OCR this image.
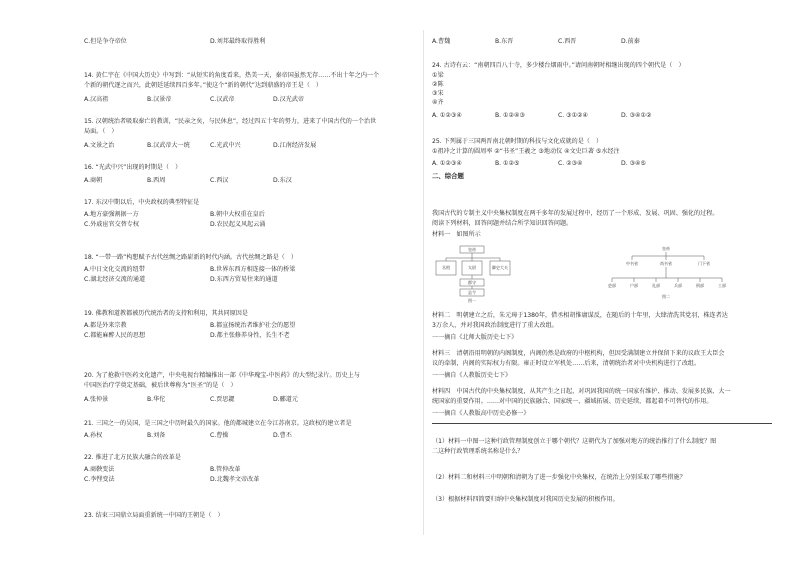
C.但是争夺帝位	D.刘邦最终取得胜利
14. 黄仁宇在《中国大历史》中写到：“从短实的角度看来，热美一天，秦帝国虽然无存……不出十年之内一个
个新的朝代逐之而兴，此朝廷延续四百多年。”使这个“新的朝代”达到鼎盛的帝王是（　）
A.汉高祖	B.汉景帝	C.汉武帝	D.汉光武帝
15. 汉朝统治者吸取秦亡的教训，“民亲之矣，与民休息”，经过四五十年的努力，进来了中国古代的一个治世
局面。（　）
A.文景之治	B.汉武帝大一统	C.光武中兴	D.江南经济发展
16. “光武中兴”出现的时期是（　）
A.商朝	B.西周	C.西汉	D.东汉
17. 东汉中期以后，中央政权的典型特征是
A.地方豪强割据一方	B.朝中大权重在皇后
C.外戚宦官交替专权	D.农民起义风起云涌
18. “一带一路”构想赋予古代丝绸之路崭新的时代内涵。古代丝绸之路是（　）
A.中日文化交流的纽带	B.世界东西方相连接一体的桥梁
C.湖北经济交流的通道	D.东西方贸易往来的通道
19. 佛教和道教都被历代统治者的支持和利用，其共同原因是
A.都是外来宗教	B.都宣扬统治者维护社会的愿望
C.都能麻醉人民的思想	D.都主张修养身性，长生不老
20. 为了抢救中医药文化遗产，中央电视台精编推出一部《中华瑰宝-中医药》的大型纪录片。历史上与
中国医治疗学奠定基础，被后世尊称为“医圣”的是（　）
A.张仲景	B.华佗	C.贾思勰	D.郦道元
21. 三国之一的吴国，是三国之中历时最久的国家。他的都城建立在今江苏南京。这政权的建立者是
A.孙权	B.刘备	C.曹操	D.曹丕
22. 推进了北方民族大融合的改革是
A.商鞅变法	B.管仲改革
C.李悝变法	D.北魏孝文帝改革
23. 结束三国鼎立局面重新统一中国的王朝是（　）
A.曹魏	B.东晋	C.西晋	D.前秦
24. 古诗有云：“南朝四百八十寺，多少楼台烟雨中。”请问南朝时相继出现的四个朝代是（　）
①梁
②陈
③宋
④齐
A. ①②③④	B. ①②④③	C. ③①②④	D. ③④①②
25. 下列属于三国两晋南北朝时期的科技与文化成就的是（　）
①祖冲之计算的圆周率 ②“书圣”王羲之 ③地动仪 ④文史巨著 ⑤水经注
A. ①②③④	B. ①②⑤	C. ②③④	D. ③④⑤
二、综合题
我国古代的专制主义中央集权制度在两千多年的发展过程中，经历了一个形成、发展、巩固、强化的过程。
阅读下列材料，回答问题并结合所学知识回答问题。
材料一　如图所示
皇帝
丞相	太尉	御史大夫
郡守
县令
图一
皇帝
中书省	尚书省	门下省
吏部	户部	礼部	兵部	刑部	工部
图二
材料二　明朝建立之后，朱元璋于1380年，借丞相胡惟庸谋反，在随后的十年里，大肆清洗其党羽，株连者达
3万余人，并对我国政治制度进行了重大改组。
一一摘自《北师大版历史七下》
材料三　清朝沿用明朝的内阁制度，内阁仍然是政府的中枢机构，但因受满制建立并保留下来的议政王大臣会
议的牵制，内阁的实际权力有限。雍正时设立军机处……后来，清朝统治者对中央机构进行了改组。
一一摘自《人教版历史七下》
材料四　中国古代的中央集权制度，从其产生之日起，对巩固我国的统一国家有维护、推动、发展多民族、大一
统国家的重要作用。……对中国的民族融合、国家统一、疆域拓展、历史延续，都起着不可替代的作用。
一一摘自《人教版高中历史必修一》
（1）材料一中图一这种行政管理制度创立于哪个朝代？这朝代为了加强对地方的统治推行了什么制度？图
二这种行政管理系统名称是什么？
（2）材料二和材料三中明朝和清朝为了进一步强化中央集权，在统治上分别采取了哪些措施？
（3）根据材料四简要归纳中央集权制度对我国历史发展的积极作用。
